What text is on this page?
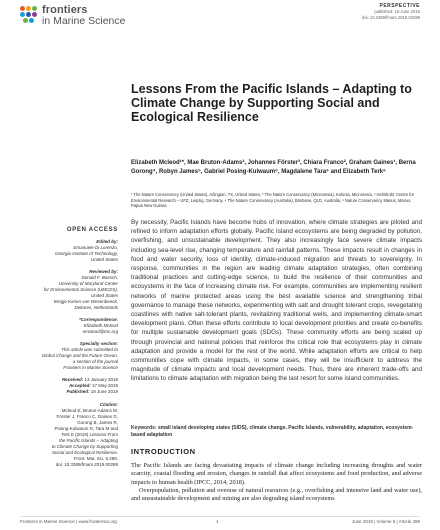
frontiers
in Marine Science
PERSPECTIVE
published: 18 June 2019
doi: 10.3389/fmars.2019.00289
Lessons From the Pacific Islands – Adapting to Climate Change by Supporting Social and Ecological Resilience
Elizabeth Mcleod¹*, Mae Bruton-Adams², Johannes Förster³, Chiara Franco², Graham Gaines¹, Berna Gorong⁴, Robyn James⁵, Gabriel Posing-Kulwaum⁶, Magdalene Tara⁶ and Elizabeth Terk⁶
¹ The Nature Conservancy (United States), Arlington, TX, United States, ² The Nature Conservancy (Micronesia), Kolonia, Micronesia, ³ Helmholtz Centre for Environmental Research – UFZ, Leipzig, Germany, ⁴ The Nature Conservancy (Australia), Brisbane, QLD, Australia, ⁵ Nature Conservancy Manus, Manus, Papua New Guinea
OPEN ACCESS
Edited by:
Emanuele Di Lorenzo,
Georgia Institute of Technology,
United States
Reviewed by:
Donald F. Boesch,
University of Maryland Center
for Environmental Science (UMCES),
United States
Bregje Karien van Wesenbeeck,
Deltares, Netherlands
*Correspondence:
Elizabeth Mcleod
emcleod@tnc.org
Specialty section:
This article was submitted to
Global Change and the Future Ocean,
a section of the journal
Frontiers in Marine Science
Received: 13 January 2019
Accepted: 17 May 2019
Published: 18 June 2019
Citation:
Mcleod E, Bruton-Adams M,
Förster J, Franco C, Gaines G,
Gorong B, James R,
Posing-Kulwaum G, Tara M and
Terk E (2019) Lessons From
the Pacific Islands – Adapting
to Climate Change by Supporting
Social and Ecological Resilience.
Front. Mar. Sci. 6:289.
doi: 10.3389/fmars.2019.00289
By necessity, Pacific Islands have become hubs of innovation, where climate strategies are piloted and refined to inform adaptation efforts globally. Pacific Island ecosystems are being degraded by pollution, overfishing, and unsustainable development. They also increasingly face severe climate impacts including sea-level rise, changing temperature and rainfall patterns. These impacts result in changes in food and water security, loss of identity, climate-induced migration and threats to sovereignty. In response, communities in the region are leading climate adaptation strategies, often combining traditional practices and cutting-edge science, to build the resilience of their communities and ecosystems in the face of increasing climate risk. For example, communities are implementing resilient networks of marine protected areas using the best available science and strengthening tribal governance to manage these networks, experimenting with salt and drought tolerant crops, revegetating coastlines with native salt-tolerant plants, revitalizing traditional wells, and implementing climate-smart development plans. Often these efforts contribute to local development priorities and create co-benefits for multiple sustainable development goals (SDGs). These community efforts are being scaled up through provincial and national policies that reinforce the critical role that ecosystems play in climate adaptation and provide a model for the rest of the world. While adaptation efforts are critical to help communities cope with climate impacts, in some cases, they will be insufficient to address the magnitude of climate impacts and local development needs. Thus, there are inherent trade-offs and limitations to climate adaptation with migration being the last resort for some island communities.
Keywords: small island developing states (SIDS), climate change, Pacific Islands, vulnerability, adaptation, ecosystem-based adaptation
INTRODUCTION

The Pacific Islands are facing devastating impacts of climate change including increasing droughts and water scarcity, coastal flooding and erosion, changes in rainfall that affect ecosystems and food production, and adverse impacts to human health (IPCC, 2014, 2018).

Overpopulation, pollution and overuse of natural resources (e.g., overfishing and intensive land and water use), and unsustainable development and mining are also degrading island ecosystems

Frontiers in Marine Science | www.frontiersin.org	1	June 2019 | Volume 6 | Article 289
